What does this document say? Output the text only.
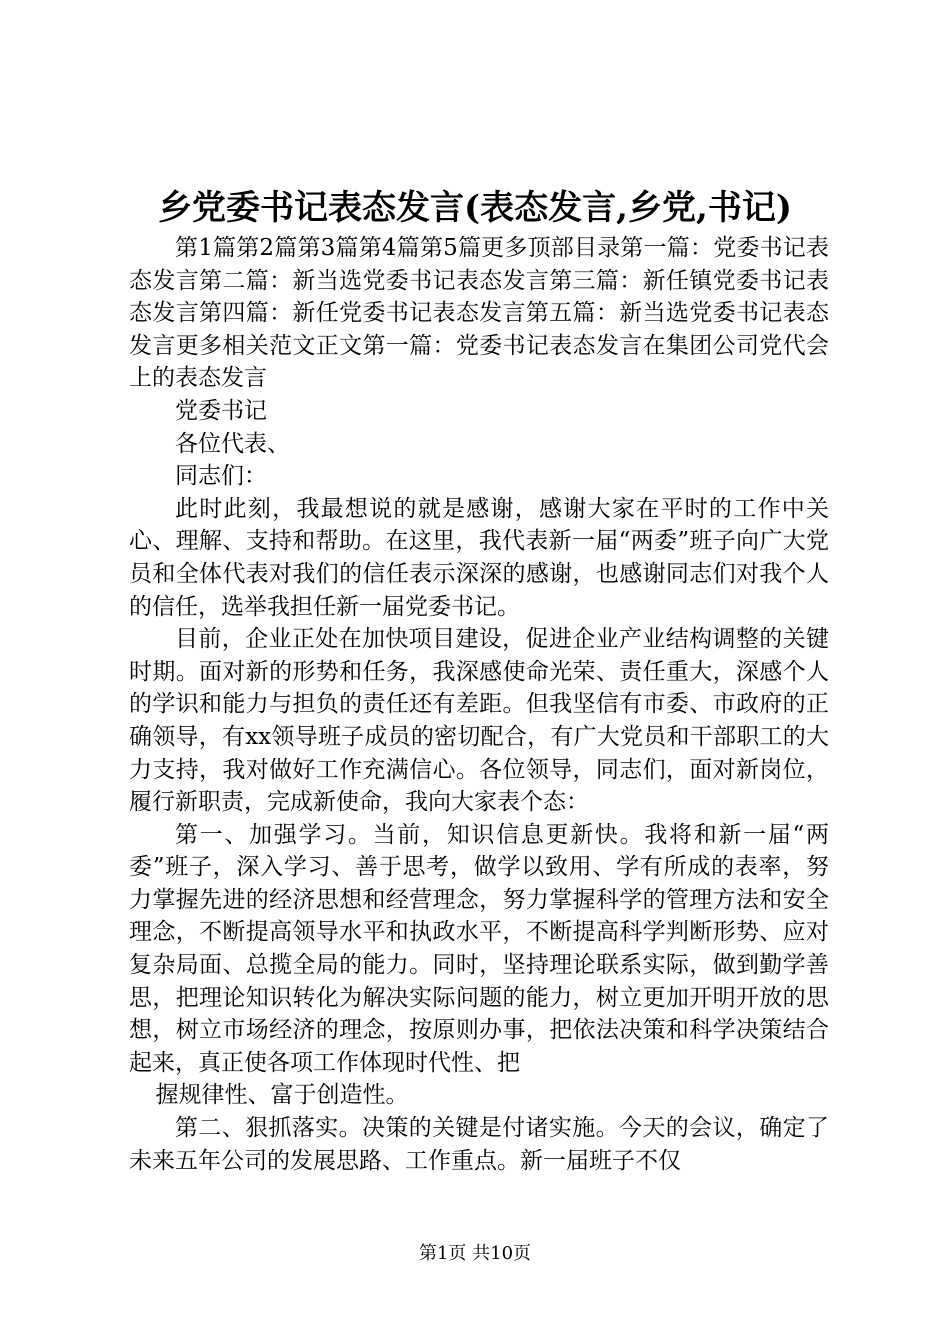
乡党委书记表态发言(表态发言,乡党,书记)

第1篇第2篇第3篇第4篇第5篇更多顶部目录第一篇：党委书记表态发言第二篇：新当选党委书记表态发言第三篇：新任镇党委书记表态发言第四篇：新任党委书记表态发言第五篇：新当选党委书记表态发言更多相关范文正文第一篇：党委书记表态发言在集团公司党代会上的表态发言

党委书记

各位代表、

同志们：

此时此刻，我最想说的就是感谢，感谢大家在平时的工作中关心、理解、支持和帮助。在这里，我代表新一届“两委”班子向广大党员和全体代表对我们的信任表示深深的感谢，也感谢同志们对我个人的信任，选举我担任新一届党委书记。

目前，企业正处在加快项目建设，促进企业产业结构调整的关键时期。面对新的形势和任务，我深感使命光荣、责任重大，深感个人的学识和能力与担负的责任还有差距。但我坚信有市委、市政府的正确领导，有xx领导班子成员的密切配合，有广大党员和干部职工的大力支持，我对做好工作充满信心。各位领导，同志们，面对新岗位，履行新职责，完成新使命，我向大家表个态：

第一、加强学习。当前，知识信息更新快。我将和新一届“两委”班子，深入学习、善于思考，做学以致用、学有所成的表率，努力掌握先进的经济思想和经营理念，努力掌握科学的管理方法和安全理念，不断提高领导水平和执政水平，不断提高科学判断形势、应对复杂局面、总揽全局的能力。同时，坚持理论联系实际，做到勤学善思，把理论知识转化为解决实际问题的能力，树立更加开明开放的思想，树立市场经济的理念，按原则办事，把依法决策和科学决策结合起来，真正使各项工作体现时代性、把

握规律性、富于创造性。

第二、狠抓落实。决策的关键是付诸实施。今天的会议，确定了未来五年公司的发展思路、工作重点。新一届班子不仅

第1页 共10页
